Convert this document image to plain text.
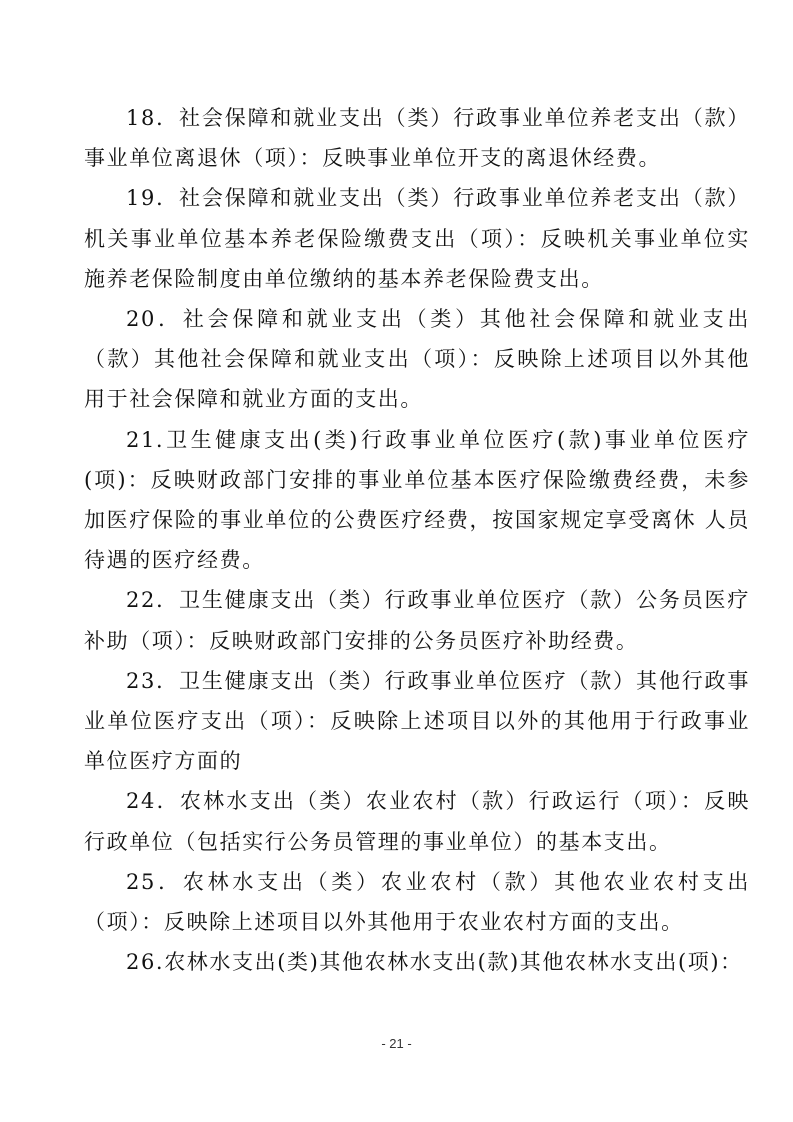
18．社会保障和就业支出（类）行政事业单位养老支出（款）事业单位离退休（项）：反映事业单位开支的离退休经费。

19．社会保障和就业支出（类）行政事业单位养老支出（款）机关事业单位基本养老保险缴费支出（项）：反映机关事业单位实施养老保险制度由单位缴纳的基本养老保险费支出。

20．社会保障和就业支出（类）其他社会保障和就业支出（款）其他社会保障和就业支出（项）：反映除上述项目以外其他用于社会保障和就业方面的支出。

21.卫生健康支出(类)行政事业单位医疗(款)事业单位医疗(项)：反映财政部门安排的事业单位基本医疗保险缴费经费，未参 加医疗保险的事业单位的公费医疗经费，按国家规定享受离休 人员待遇的医疗经费。

22．卫生健康支出（类）行政事业单位医疗（款）公务员医疗补助（项）：反映财政部门安排的公务员医疗补助经费。

23．卫生健康支出（类）行政事业单位医疗（款）其他行政事业单位医疗支出（项）：反映除上述项目以外的其他用于行政事业单位医疗方面的

24．农林水支出（类）农业农村（款）行政运行（项）：反映行政单位（包括实行公务员管理的事业单位）的基本支出。

25．农林水支出（类）农业农村（款）其他农业农村支出（项）：反映除上述项目以外其他用于农业农村方面的支出。

26.农林水支出(类)其他农林水支出(款)其他农林水支出(项)：

- 21 -
